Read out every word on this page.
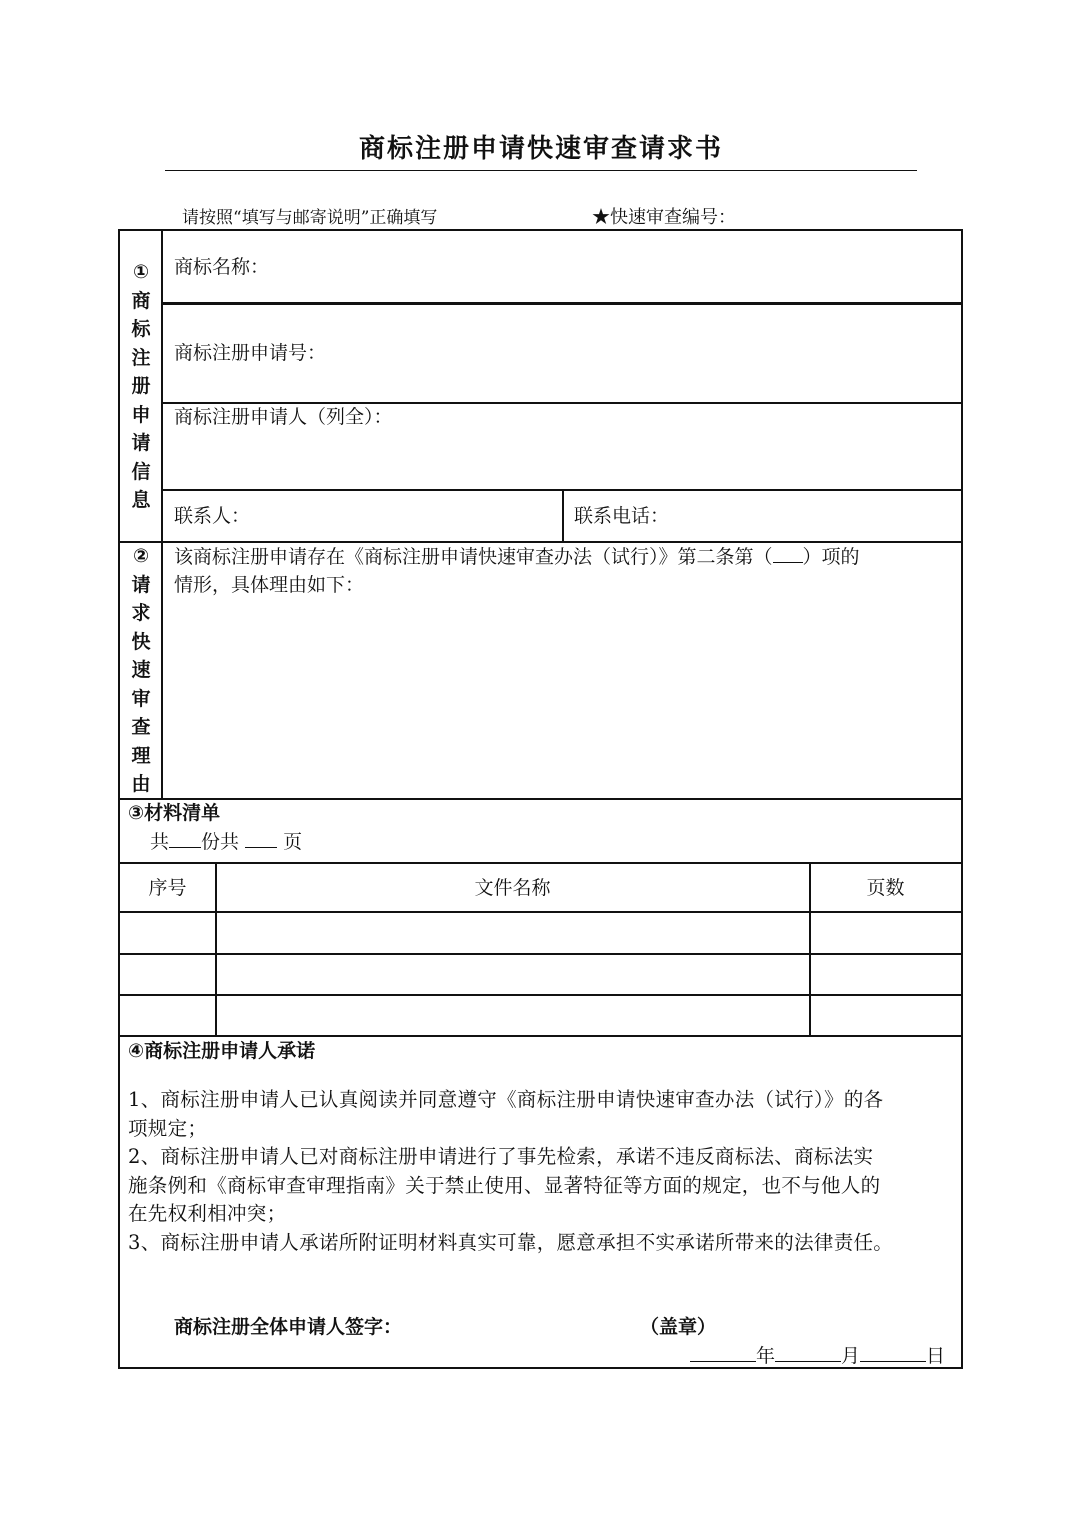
商标注册申请快速审查请求书
请按照“填写与邮寄说明”正确填写	★快速审查编号：
①
商
标
注
册
申
请
信
息
商标名称：
商标注册申请号：
商标注册申请人（列全）：
联系人：	联系电话：
②
请
求
快
速
审
查
理
由
该商标注册申请存在《商标注册申请快速审查办法（试行）》第二条第（ ）项的
情形，具体理由如下：
③材料清单
共 份共 页
序号	文件名称	页数
④商标注册申请人承诺
1、商标注册申请人已认真阅读并同意遵守《商标注册申请快速审查办法（试行）》的各
项规定；
2、商标注册申请人已对商标注册申请进行了事先检索，承诺不违反商标法、商标法实
施条例和《商标审查审理指南》关于禁止使用、显著特征等方面的规定，也不与他人的
在先权利相冲突；
3、商标注册申请人承诺所附证明材料真实可靠，愿意承担不实承诺所带来的法律责任。
商标注册全体申请人签字：	（盖章）
年	月	日
